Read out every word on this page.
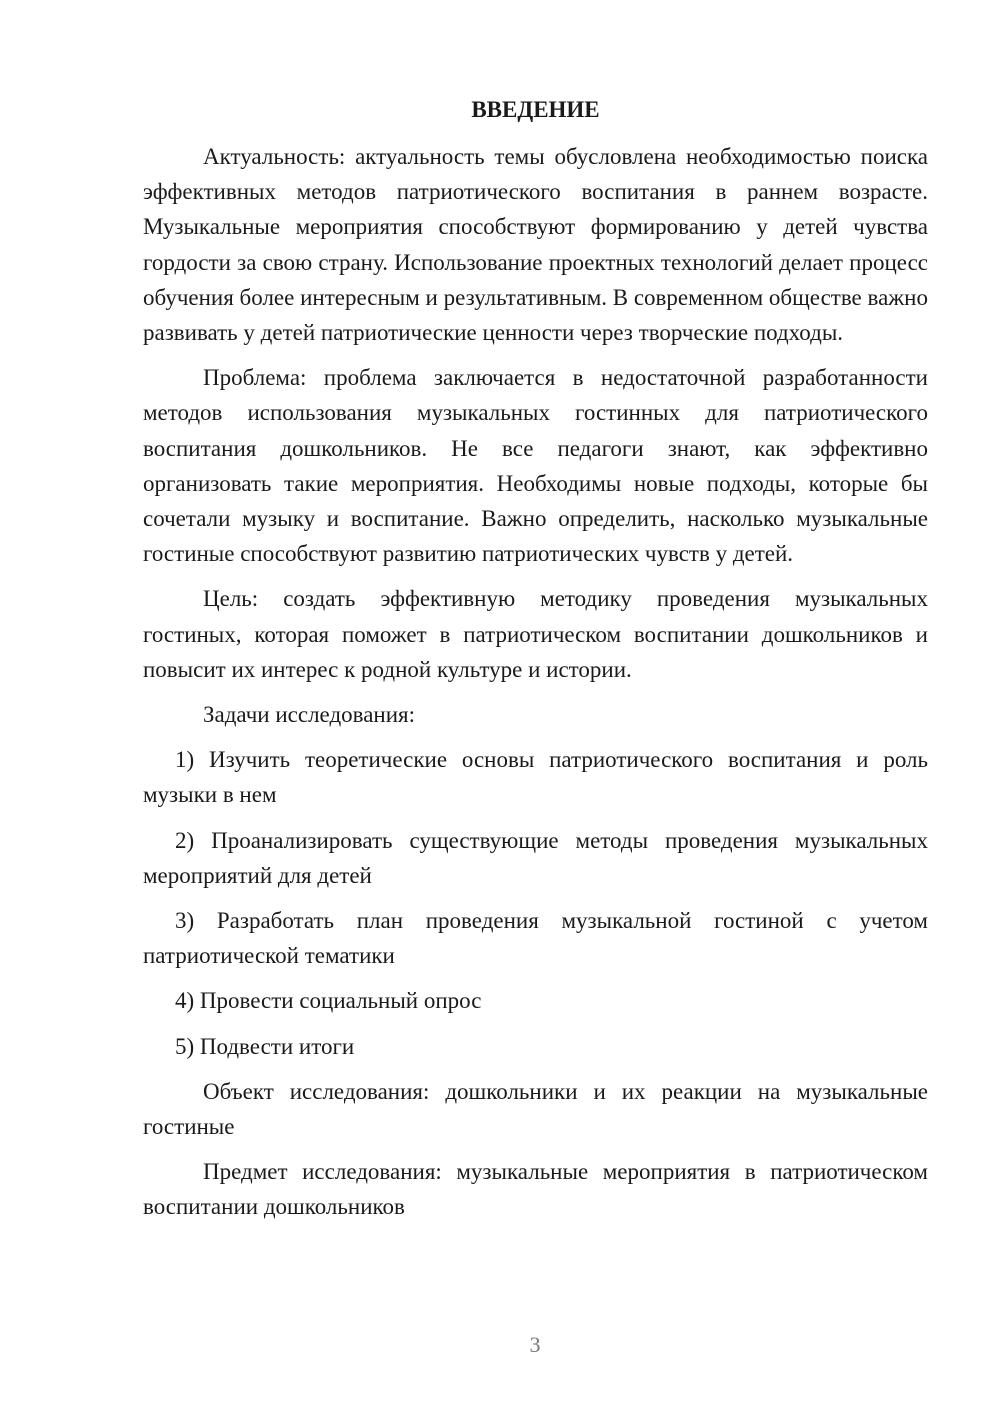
ВВЕДЕНИЕ

Актуальность: актуальность темы обусловлена необходимостью поиска эффективных методов патриотического воспитания в раннем возрасте. Музыкальные мероприятия способствуют формированию у детей чувства гордости за свою страну. Использование проектных технологий делает процесс обучения более интересным и результативным. В современном обществе важно развивать у детей патриотические ценности через творческие подходы.

Проблема: проблема заключается в недостаточной разработанности методов использования музыкальных гостинных для патриотического воспитания дошкольников. Не все педагоги знают, как эффективно организовать такие мероприятия. Необходимы новые подходы, которые бы сочетали музыку и воспитание. Важно определить, насколько музыкальные гостиные способствуют развитию патриотических чувств у детей.

Цель: создать эффективную методику проведения музыкальных гостиных, которая поможет в патриотическом воспитании дошкольников и повысит их интерес к родной культуре и истории.

Задачи исследования:

1) Изучить теоретические основы патриотического воспитания и роль музыки в нем
2) Проанализировать существующие методы проведения музыкальных мероприятий для детей
3) Разработать план проведения музыкальной гостиной с учетом патриотической тематики
4) Провести социальный опрос
5) Подвести итоги

Объект исследования: дошкольники и их реакции на музыкальные гостиные

Предмет исследования: музыкальные мероприятия в патриотическом воспитании дошкольников

3
